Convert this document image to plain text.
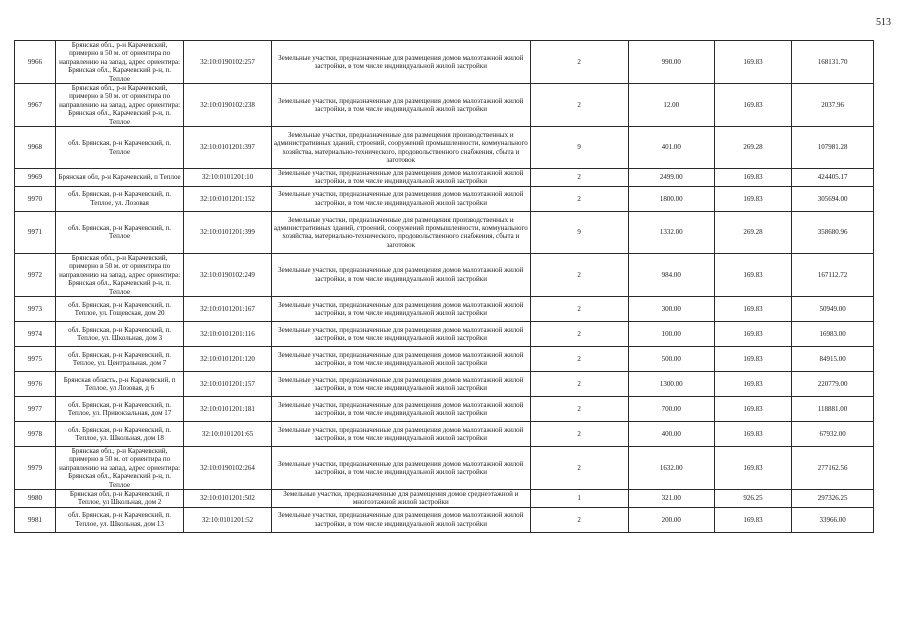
513
9966	Брянская обл., р-н Карачевский, примерно в 50 м. от ориентира по направлению на запад, адрес ориентира: Брянская обл., Карачевский р-н, п. Теплое	32:10:0190102:257	Земельные участки, предназначенные для размещения домов малоэтажной жилой застройки, в том числе индивидуальной жилой застройки	2	990.00	169.83	168131.70
9967	Брянская обл., р-н Карачевский, примерно в 50 м. от ориентира по направлению на запад, адрес ориентира: Брянская обл., Карачевский р-н, п. Теплое	32:10:0190102:238	Земельные участки, предназначенные для размещения домов малоэтажной жилой застройки, в том числе индивидуальной жилой застройки	2	12.00	169.83	2037.96
9968	обл. Брянская, р-н Карачевский, п. Теплое	32:10:0101201:397	Земельные участки, предназначенные для размещения производственных и административных зданий, строений, сооружений промышленности, коммунального хозяйства, материально-технического, продовольственного снабжения, сбыта и заготовок	9	401.00	269.28	107981.28
9969	Брянская обл, р-н Карачевский, п Теплое	32:10:0101201:10	Земельные участки, предназначенные для размещения домов малоэтажной жилой застройки, в том числе индивидуальной жилой застройки	2	2499.00	169.83	424405.17
9970	обл. Брянская, р-н Карачевский, п. Теплое, ул. Лозовая	32:10:0101201:152	Земельные участки, предназначенные для размещения домов малоэтажной жилой застройки, в том числе индивидуальной жилой застройки	2	1800.00	169.83	305694.00
9971	обл. Брянская, р-н Карачевский, п. Теплое	32:10:0101201:399	Земельные участки, предназначенные для размещения производственных и административных зданий, строений, сооружений промышленности, коммунального хозяйства, материально-технического, продовольственного снабжения, сбыта и заготовок	9	1332.00	269.28	358680.96
9972	Брянская обл., р-н Карачевский, примерно в 50 м. от ориентира по направлению на запад, адрес ориентира: Брянская обл., Карачевский р-н, п. Теплое	32:10:0190102:249	Земельные участки, предназначенные для размещения домов малоэтажной жилой застройки, в том числе индивидуальной жилой застройки	2	984.00	169.83	167112.72
9973	обл. Брянская, р-н Карачевский, п. Теплое, ул. Гощевская, дом 20	32:10:0101201:167	Земельные участки, предназначенные для размещения домов малоэтажной жилой застройки, в том числе индивидуальной жилой застройки	2	300.00	169.83	50949.00
9974	обл. Брянская, р-н Карачевский, п. Теплое, ул. Школьная, дом 3	32:10:0101201:116	Земельные участки, предназначенные для размещения домов малоэтажной жилой застройки, в том числе индивидуальной жилой застройки	2	100.00	169.83	16983.00
9975	обл. Брянская, р-н Карачевский, п. Теплое, ул. Центральная, дом 7	32:10:0101201:120	Земельные участки, предназначенные для размещения домов малоэтажной жилой застройки, в том числе индивидуальной жилой застройки	2	500.00	169.83	84915.00
9976	Брянская область, р-н Карачевский, п Теплое, ул Лозовая, д 6	32:10:0101201:157	Земельные участки, предназначенные для размещения домов малоэтажной жилой застройки, в том числе индивидуальной жилой застройки	2	1300.00	169.83	220779.00
9977	обл. Брянская, р-н Карачевский, п. Теплое, ул. Привокзальная, дом 17	32:10:0101201:181	Земельные участки, предназначенные для размещения домов малоэтажной жилой застройки, в том числе индивидуальной жилой застройки	2	700.00	169.83	118881.00
9978	обл. Брянская, р-н Карачевский, п. Теплое, ул. Школьная, дом 18	32:10:0101201:65	Земельные участки, предназначенные для размещения домов малоэтажной жилой застройки, в том числе индивидуальной жилой застройки	2	400.00	169.83	67932.00
9979	Брянская обл., р-н Карачевский, примерно в 50 м. от ориентира по направлению на запад, адрес ориентира: Брянская обл., Карачевский р-н, п. Теплое	32:10:0190102:264	Земельные участки, предназначенные для размещения домов малоэтажной жилой застройки, в том числе индивидуальной жилой застройки	2	1632.00	169.83	277162.56
9980	Брянская обл, р-н Карачевский, п Теплое, ул Школьная, дом 2	32:10:0101201:502	Земельные участки, предназначенные для размещения домов среднеэтажной и многоэтажной жилой застройки	1	321.00	926.25	297326.25
9981	обл. Брянская, р-н Карачевский, п. Теплое, ул. Школьная, дом 13	32:10:0101201:52	Земельные участки, предназначенные для размещения домов малоэтажной жилой застройки, в том числе индивидуальной жилой застройки	2	200.00	169.83	33966.00
